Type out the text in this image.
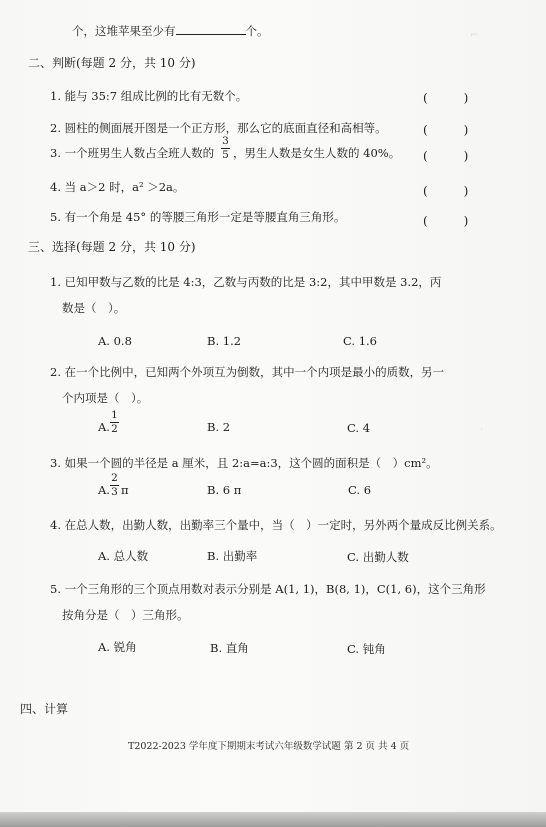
⌐
·
个，这堆苹果至少有	个。
二、判断(每题 2 分，共 10 分)
1. 能与 35:7 组成比例的比有无数个。	(　　　)
2. 圆柱的侧面展开图是一个正方形，那么它的底面直径和高相等。	(　　　)
3. 一个班男生人数占全班人数的
3
5 ，男生人数是女生人数的 40%。 (　　　)
4. 当 a＞2 时，a² ＞2a。	(　　　)
5. 有一个角是 45° 的等腰三角形一定是等腰直角三角形。	(　　　)
三、选择(每题 2 分，共 10 分)
1. 已知甲数与乙数的比是 4:3，乙数与丙数的比是 3:2，其中甲数是 3.2，丙
数是（　）。
A. 0.8	B. 1.2	C. 1.6
2. 在一个比例中，已知两个外项互为倒数，其中一个内项是最小的质数，另一
个内项是（　）。
A.
1
2	B. 2	C. 4
3. 如果一个圆的半径是 a 厘米，且 2:a=a:3，这个圆的面积是（　）cm²。
A.
2
3 π	B. 6 π	C. 6
4. 在总人数，出勤人数，出勤率三个量中，当（　）一定时，另外两个量成反比例关系。
A. 总人数	B. 出勤率	C. 出勤人数
5. 一个三角形的三个顶点用数对表示分别是 A(1, 1)，B(8, 1)，C(1, 6)，这个三角形
按角分是（　）三角形。
A. 锐角	B. 直角	C. 钝角
四、计算
T2022-2023 学年度下期期末考试六年级数学试题 第 2 页 共 4 页
